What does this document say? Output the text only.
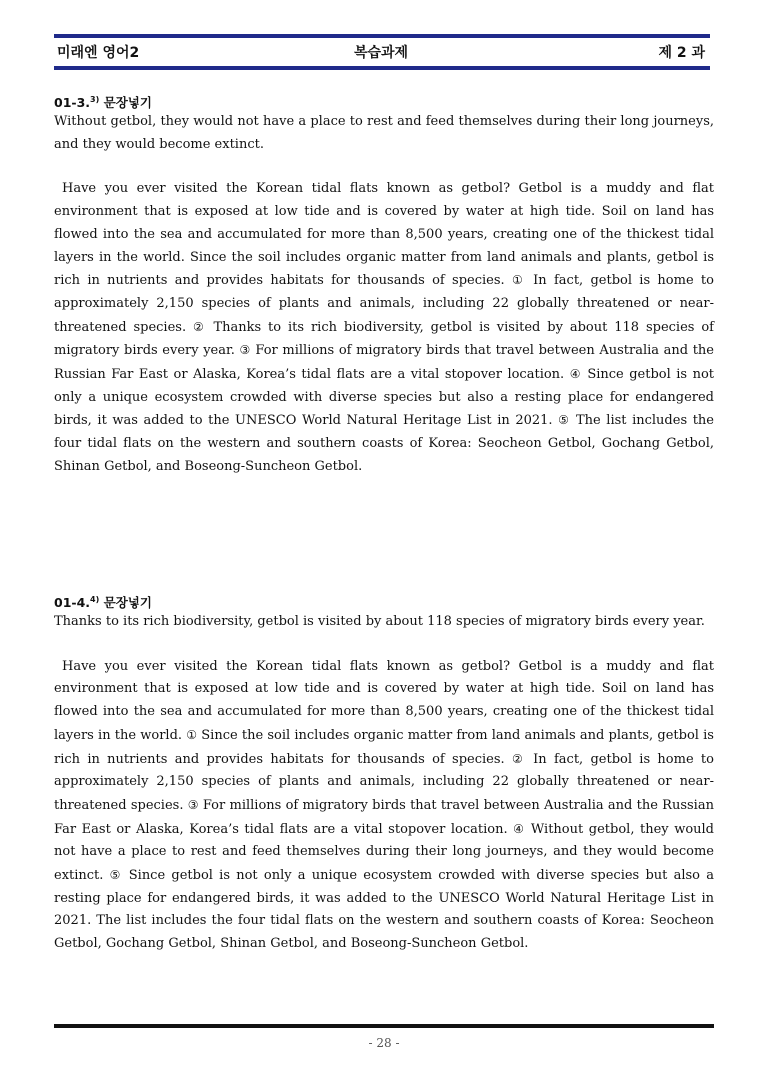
미래엔 영어2	복습과제	제 2 과
01-3.$^{3)}$ 문장넣기

Without getbol, they would not have a place to rest and feed themselves during their long journeys, and they would become extinct.

Have you ever visited the Korean tidal flats known as getbol? Getbol is a muddy and flat environment that is exposed at low tide and is covered by water at high tide. Soil on land has flowed into the sea and accumulated for more than 8,500 years, creating one of the thickest tidal layers in the world. Since the soil includes organic matter from land animals and plants, getbol is rich in nutrients and provides habitats for thousands of species. ① In fact, getbol is home to approximately 2,150 species of plants and animals, including 22 globally threatened or near-threatened species. ② Thanks to its rich biodiversity, getbol is visited by about 118 species of migratory birds every year. ③ For millions of migratory birds that travel between Australia and the Russian Far East or Alaska, Korea’s tidal flats are a vital stopover location. ④ Since getbol is not only a unique ecosystem crowded with diverse species but also a resting place for endangered birds, it was added to the UNESCO World Natural Heritage List in 2021. ⑤ The list includes the four tidal flats on the western and southern coasts of Korea: Seocheon Getbol, Gochang Getbol, Shinan Getbol, and Boseong-Suncheon Getbol.

01-4.$^{4)}$ 문장넣기

Thanks to its rich biodiversity, getbol is visited by about 118 species of migratory birds every year.

Have you ever visited the Korean tidal flats known as getbol? Getbol is a muddy and flat environment that is exposed at low tide and is covered by water at high tide. Soil on land has flowed into the sea and accumulated for more than 8,500 years, creating one of the thickest tidal layers in the world. ① Since the soil includes organic matter from land animals and plants, getbol is rich in nutrients and provides habitats for thousands of species. ② In fact, getbol is home to approximately 2,150 species of plants and animals, including 22 globally threatened or near-threatened species. ③ For millions of migratory birds that travel between Australia and the Russian Far East or Alaska, Korea’s tidal flats are a vital stopover location. ④ Without getbol, they would not have a place to rest and feed themselves during their long journeys, and they would become extinct. ⑤ Since getbol is not only a unique ecosystem crowded with diverse species but also a resting place for endangered birds, it was added to the UNESCO World Natural Heritage List in 2021. The list includes the four tidal flats on the western and southern coasts of Korea: Seocheon Getbol, Gochang Getbol, Shinan Getbol, and Boseong-Suncheon Getbol.

- 28 -
